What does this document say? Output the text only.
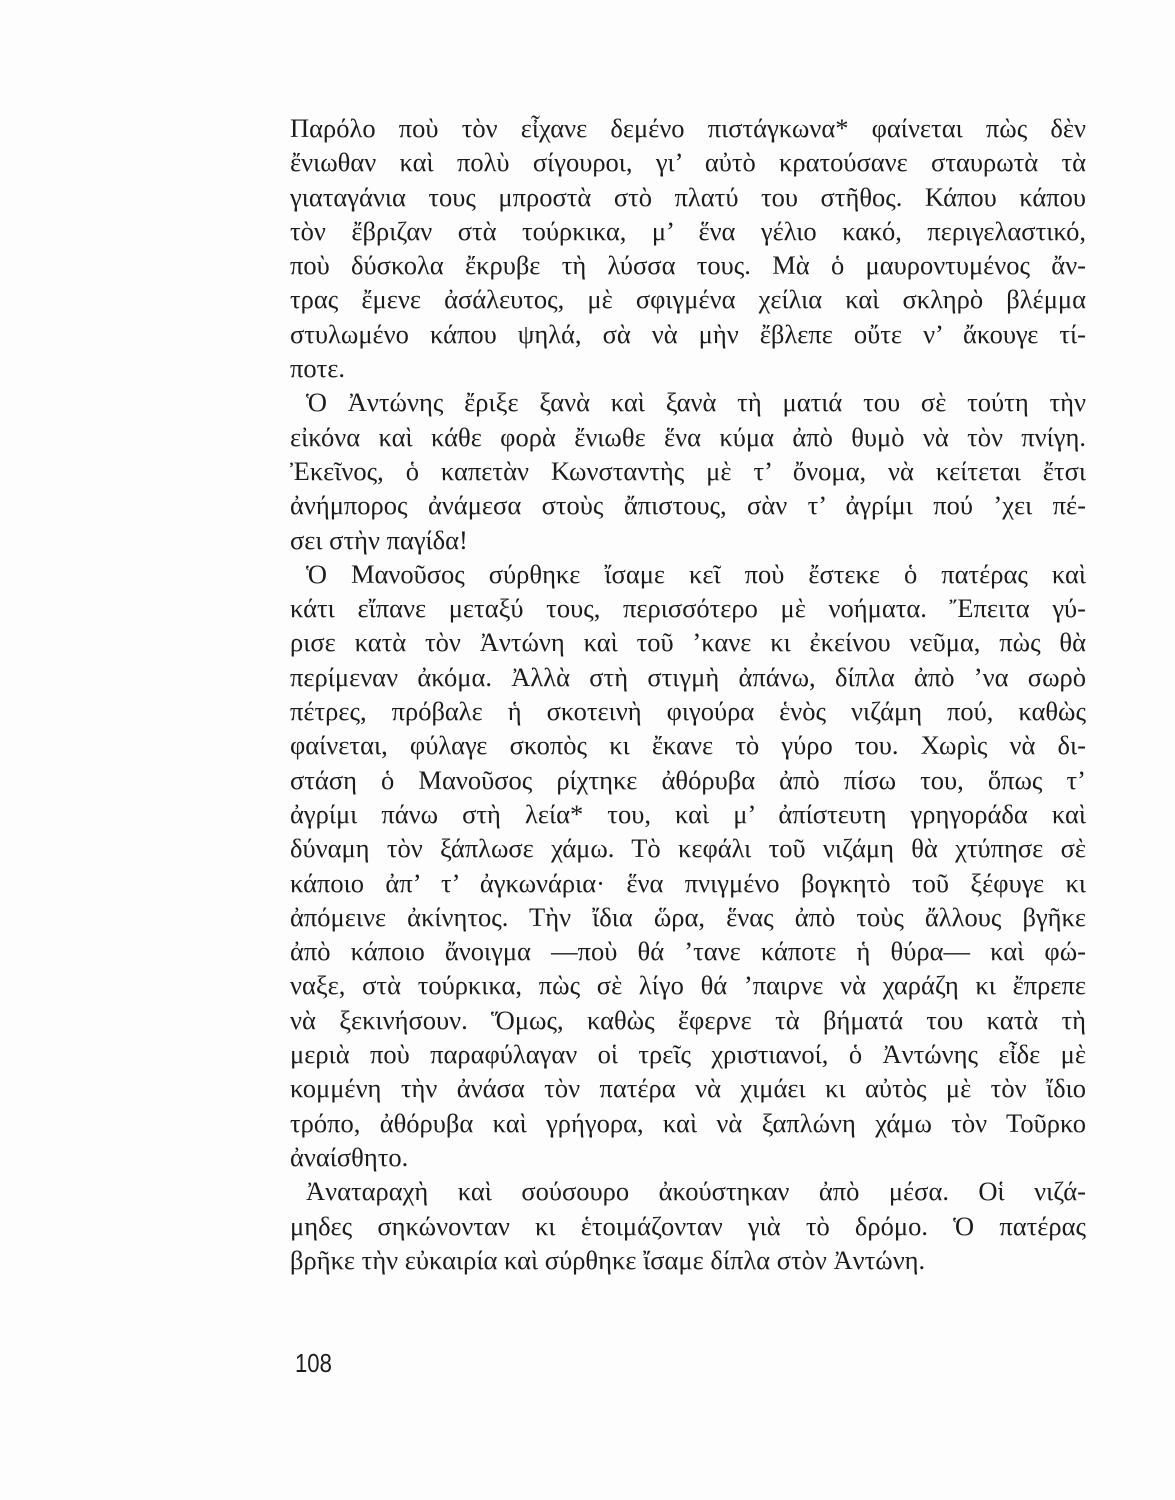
Παρόλο ποὺ τὸν εἶχανε δεμένο πιστάγκωνα* φαίνεται πὼς δὲν
ἔνιωθαν καὶ πολὺ σίγουροι, γι’ αὐτὸ κρατούσανε σταυρωτὰ τὰ
γιαταγάνια τους μπροστὰ στὸ πλατύ του στῆθος. Κάπου κάπου
τὸν ἔβριζαν στὰ τούρκικα, μ’ ἕνα γέλιο κακό, περιγελαστικό,
ποὺ δύσκολα ἔκρυβε τὴ λύσσα τους. Μὰ ὁ μαυροντυμένος ἄν-
τρας ἔμενε ἀσάλευτος, μὲ σφιγμένα χείλια καὶ σκληρὸ βλέμμα
στυλωμένο κάπου ψηλά, σὰ νὰ μὴν ἔβλεπε οὔτε ν’ ἄκουγε τί-
ποτε.
Ὁ Ἀντώνης ἔριξε ξανὰ καὶ ξανὰ τὴ ματιά του σὲ τούτη τὴν
εἰκόνα καὶ κάθε φορὰ ἔνιωθε ἕνα κύμα ἀπὸ θυμὸ νὰ τὸν πνίγη.
Ἐκεῖνος, ὁ καπετὰν Κωνσταντὴς μὲ τ’ ὄνομα, νὰ κείτεται ἔτσι
ἀνήμπορος ἀνάμεσα στοὺς ἄπιστους, σὰν τ’ ἀγρίμι πού ’χει πέ-
σει στὴν παγίδα!
Ὁ Μανοῦσος σύρθηκε ἴσαμε κεῖ ποὺ ἔστεκε ὁ πατέρας καὶ
κάτι εἴπανε μεταξύ τους, περισσότερο μὲ νοήματα. Ἔπειτα γύ-
ρισε κατὰ τὸν Ἀντώνη καὶ τοῦ ’κανε κι ἐκείνου νεῦμα, πὼς θὰ
περίμεναν ἀκόμα. Ἀλλὰ στὴ στιγμὴ ἀπάνω, δίπλα ἀπὸ ’να σωρὸ
πέτρες, πρόβαλε ἡ σκοτεινὴ φιγούρα ἑνὸς νιζάμη πού, καθὼς
φαίνεται, φύλαγε σκοπὸς κι ἔκανε τὸ γύρο του. Χωρὶς νὰ δι-
στάση ὁ Μανοῦσος ρίχτηκε ἀθόρυβα ἀπὸ πίσω του, ὅπως τ’
ἀγρίμι πάνω στὴ λεία* του, καὶ μ’ ἀπίστευτη γρηγοράδα καὶ
δύναμη τὸν ξάπλωσε χάμω. Τὸ κεφάλι τοῦ νιζάμη θὰ χτύπησε σὲ
κάποιο ἀπ’ τ’ ἀγκωνάρια· ἕνα πνιγμένο βογκητὸ τοῦ ξέφυγε κι
ἀπόμεινε ἀκίνητος. Τὴν ἴδια ὥρα, ἕνας ἀπὸ τοὺς ἄλλους βγῆκε
ἀπὸ κάποιο ἄνοιγμα —ποὺ θά ’τανε κάποτε ἡ θύρα— καὶ φώ-
ναξε, στὰ τούρκικα, πὼς σὲ λίγο θά ’παιρνε νὰ χαράζη κι ἔπρεπε
νὰ ξεκινήσουν. Ὅμως, καθὼς ἔφερνε τὰ βήματά του κατὰ τὴ
μεριὰ ποὺ παραφύλαγαν οἱ τρεῖς χριστιανοί, ὁ Ἀντώνης εἶδε μὲ
κομμένη τὴν ἀνάσα τὸν πατέρα νὰ χιμάει κι αὐτὸς μὲ τὸν ἴδιο
τρόπο, ἀθόρυβα καὶ γρήγορα, καὶ νὰ ξαπλώνη χάμω τὸν Τοῦρκο
ἀναίσθητο.
Ἀναταραχὴ καὶ σούσουρο ἀκούστηκαν ἀπὸ μέσα. Οἱ νιζά-
μηδες σηκώνονταν κι ἑτοιμάζονταν γιὰ τὸ δρόμο. Ὁ πατέρας
βρῆκε τὴν εὐκαιρία καὶ σύρθηκε ἴσαμε δίπλα στὸν Ἀντώνη.
108
